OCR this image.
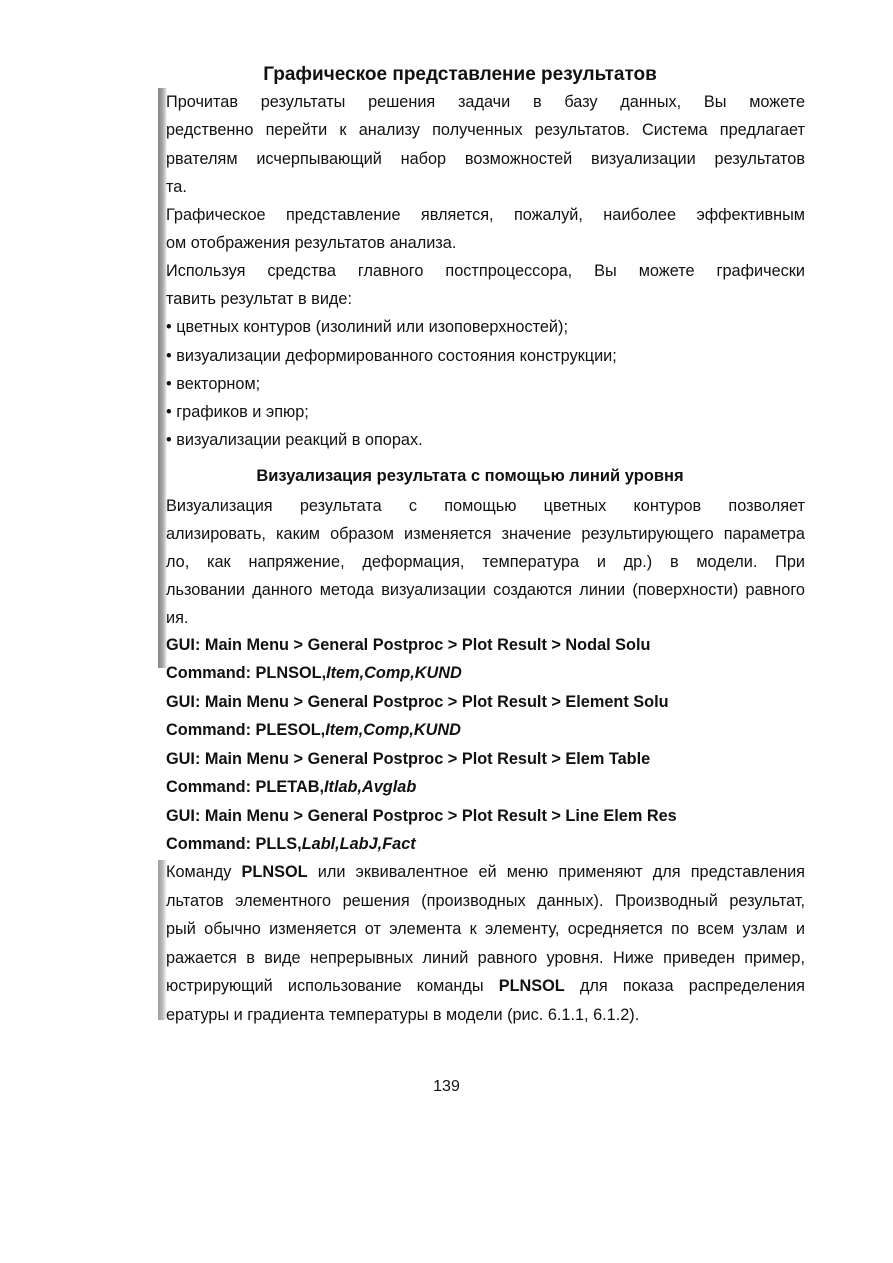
Графическое представление результатов
Прочитав результаты решения задачи в базу данных, Вы можете
редственно перейти к анализу полученных результатов. Система предлагает
рвателям исчерпывающий набор возможностей визуализации результатов
та.
Графическое представление является, пожалуй, наиболее эффективным
ом отображения результатов анализа.
Используя средства главного постпроцессора, Вы можете графически
тавить результат в виде:
• цветных контуров (изолиний или изоповерхностей);
• визуализации деформированного состояния конструкции;
• векторном;
• графиков и эпюр;
• визуализации реакций в опорах.
Визуализация результата с помощью линий уровня
Визуализация результата с помощью цветных контуров позволяет
ализировать, каким образом изменяется значение результирующего параметра
ло, как напряжение, деформация, температура и др.) в модели. При
льзовании данного метода визуализации создаются линии (поверхности) равного
ия.
GUI: Main Menu > General Postproc > Plot Result > Nodal Solu
Command: PLNSOL,Item,Comp,KUND
GUI: Main Menu > General Postproc > Plot Result > Element Solu
Command: PLESOL,Item,Comp,KUND
GUI: Main Menu > General Postproc > Plot Result > Elem Table
Command: PLETAB,Itlab,Avglab
GUI: Main Menu > General Postproc > Plot Result > Line Elem Res
Command: PLLS,Labl,LabJ,Fact
Команду PLNSOL или эквивалентное ей меню применяют для представления
льтатов элементного решения (производных данных). Производный результат,
рый обычно изменяется от элемента к элементу, осредняется по всем узлам и
ражается в виде непрерывных линий равного уровня. Ниже приведен пример,
юстрирующий использование команды PLNSOL для показа распределения
ературы и градиента температуры в модели (рис. 6.1.1, 6.1.2).
139
